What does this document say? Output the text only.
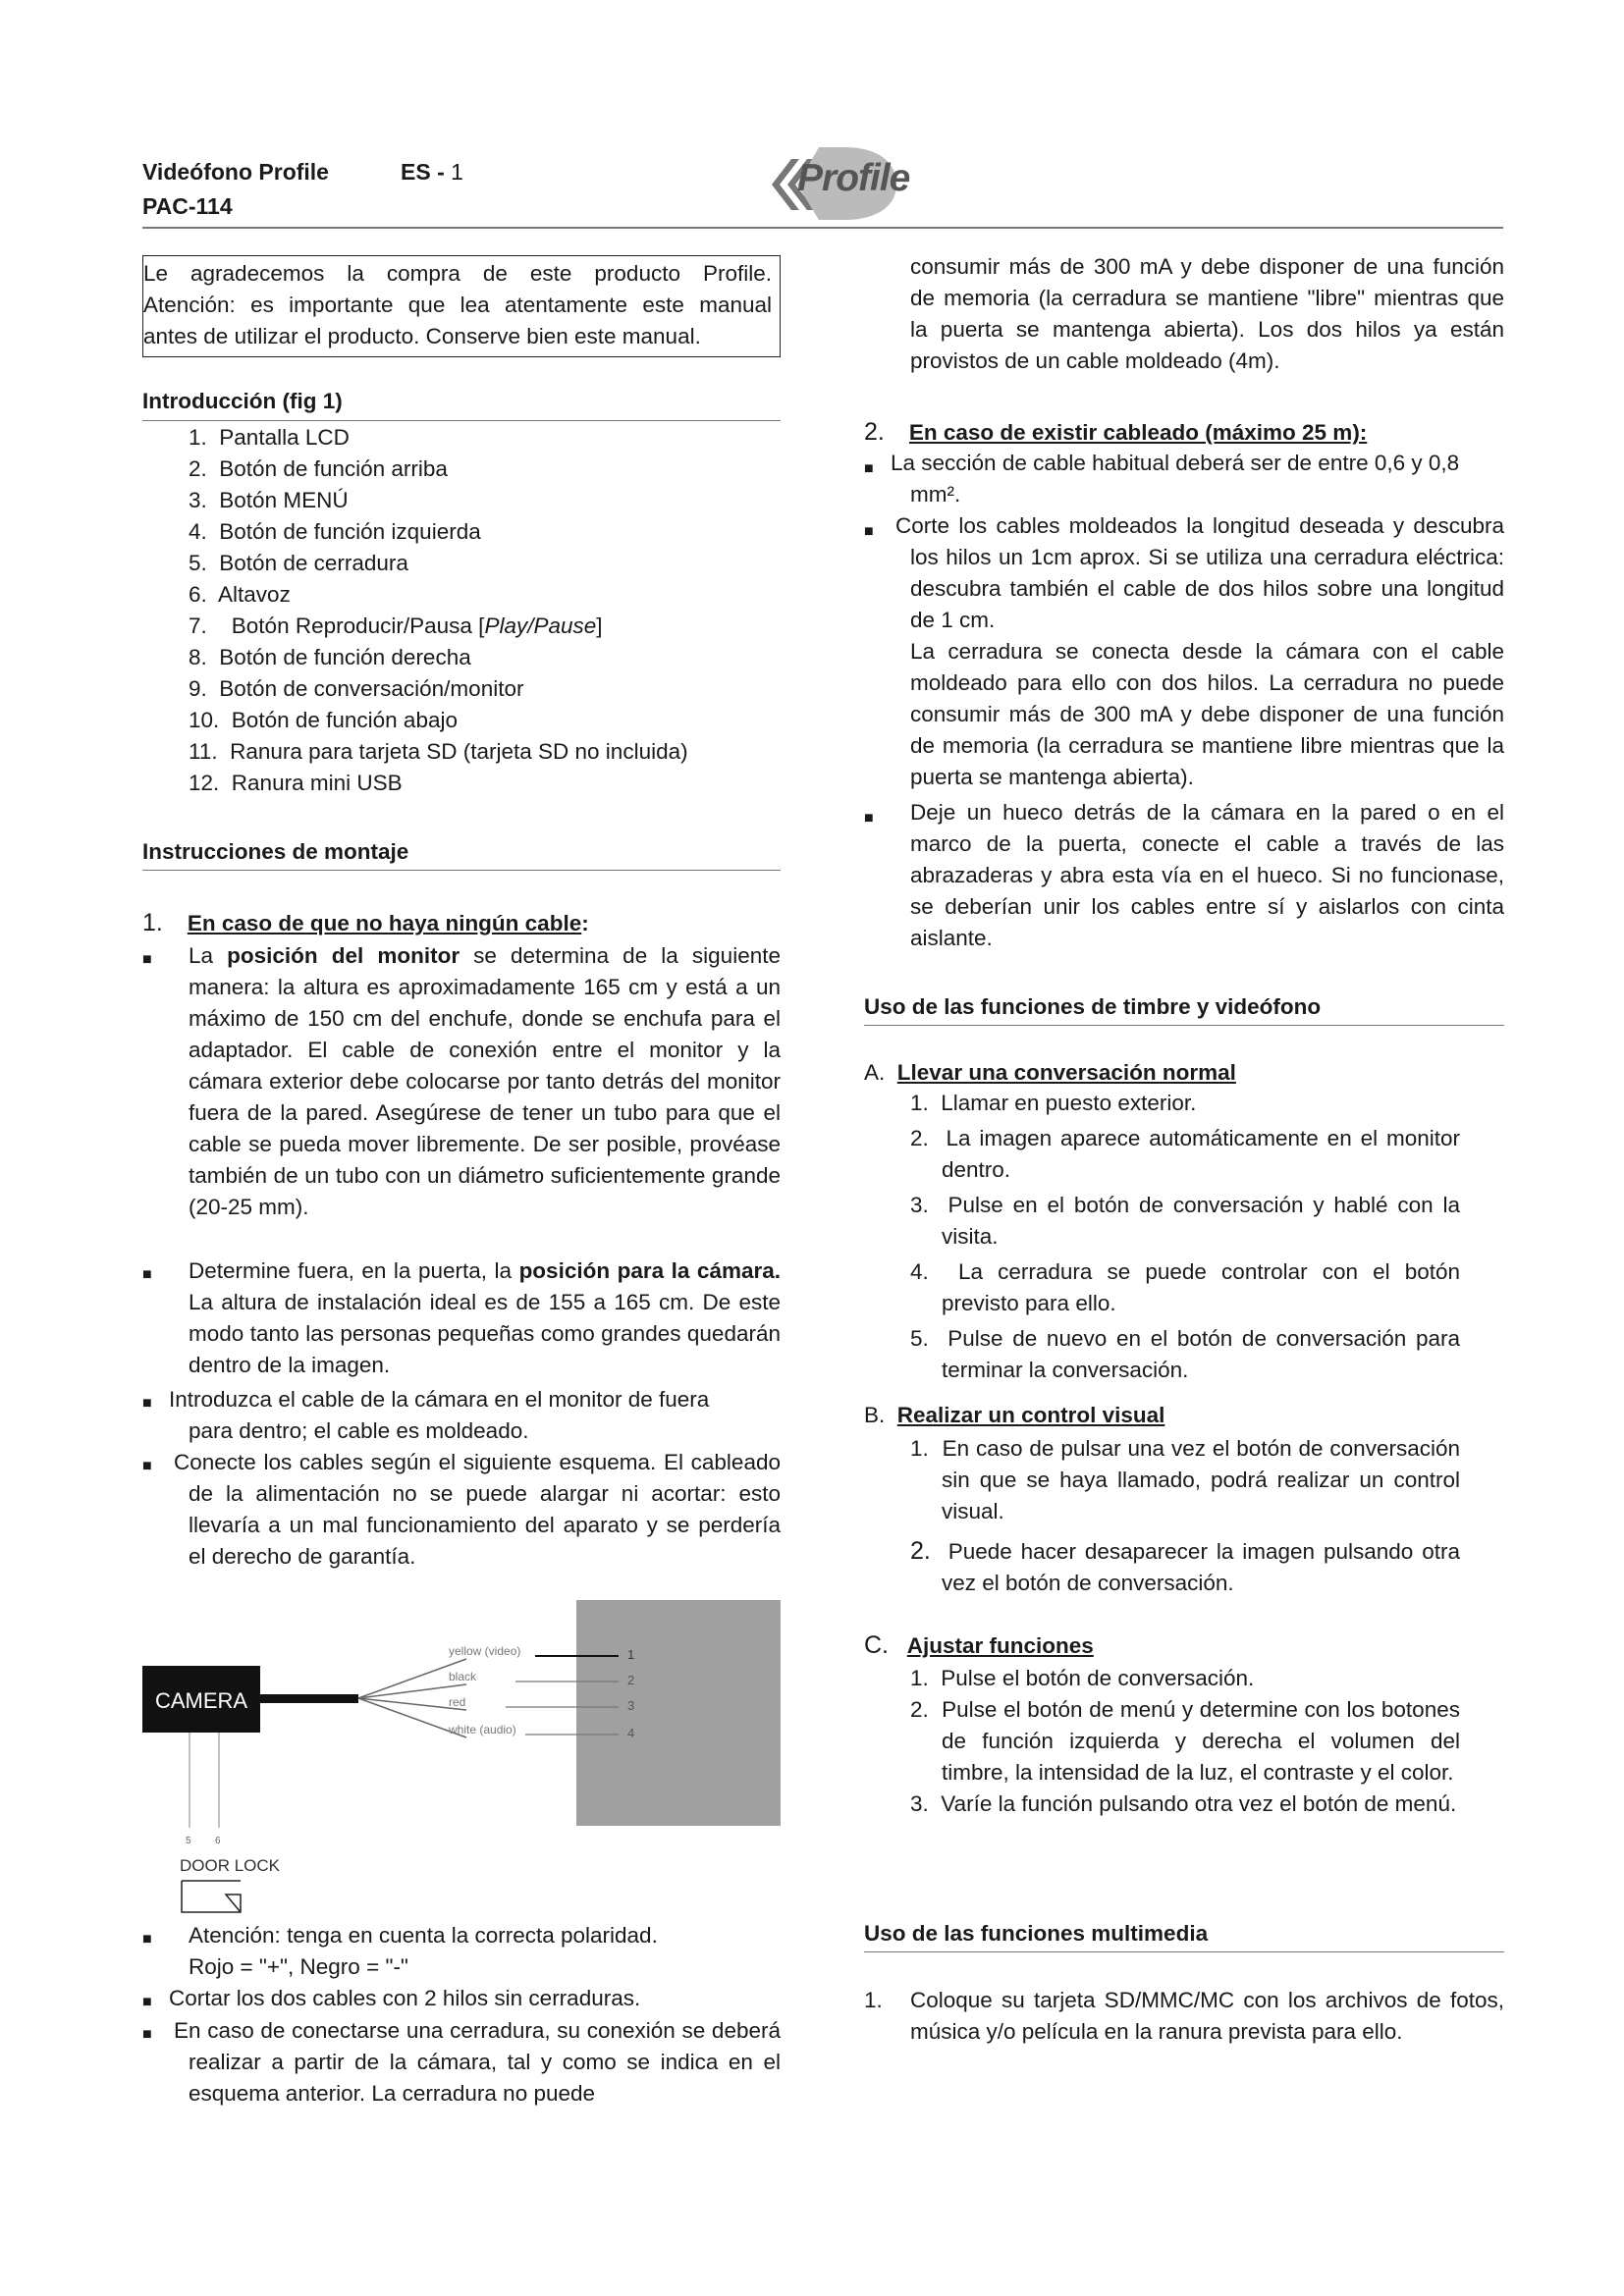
Videófono Profile	ES - 1
PAC-114
Profile

Le agradecemos la compra de este producto Profile.

Atención: es importante que lea atentamente este manual

antes de utilizar el producto. Conserve bien este manual.

Introducción (fig 1)
1. Pantalla LCD
2. Botón de función arriba
3. Botón MENÚ
4. Botón de función izquierda
5. Botón de cerradura
6. Altavoz
7. Botón Reproducir/Pausa [Play/Pause]
8. Botón de función derecha
9. Botón de conversación/monitor
10. Botón de función abajo
11. Ranura para tarjeta SD (tarjeta SD no incluida)
12. Ranura mini USB
Instrucciones de montaje
1. En caso de que no haya ningún cable:
■ La posición del monitor se determina de la siguiente manera: la altura es aproximadamente 165 cm y está a un máximo de 150 cm del enchufe, donde se enchufa para el adaptador. El cable de conexión entre el monitor y la cámara exterior debe colocarse por tanto detrás del monitor fuera de la pared. Asegúrese de tener un tubo para que el cable se pueda mover libremente. De ser posible, provéase también de un tubo con un diámetro suficientemente grande (20-25 mm).
■ Determine fuera, en la puerta, la posición para la cámara. La altura de instalación ideal es de 155 a 165 cm. De este modo tanto las personas pequeñas como grandes quedarán dentro de la imagen.
■ Introduzca el cable de la cámara en el monitor de fuera
para dentro; el cable es moldeado.
■ Conecte los cables según el siguiente esquema. El cableado de la alimentación no se puede alargar ni acortar: esto llevaría a un mal funcionamiento del aparato y se perdería el derecho de garantía.
CAMERA
yellow (video)
black
red
white (audio)
1
2
3
4
5 6
DOOR LOCK
■ Atención: tenga en cuenta la correcta polaridad.
Rojo = "+", Negro = "-"
■ Cortar los dos cables con 2 hilos sin cerraduras.
■ En caso de conectarse una cerradura, su conexión se deberá realizar a partir de la cámara, tal y como se indica en el esquema anterior. La cerradura no puede
consumir más de 300 mA y debe disponer de una función de memoria (la cerradura se mantiene "libre" mientras que la puerta se mantenga abierta). Los dos hilos ya están provistos de un cable moldeado (4m).
2. En caso de existir cableado (máximo 25 m):
■ La sección de cable habitual deberá ser de entre 0,6 y 0,8 mm².
■ Corte los cables moldeados la longitud deseada y descubra los hilos un 1cm aprox. Si se utiliza una cerradura eléctrica: descubra también el cable de dos hilos sobre una longitud de 1 cm.
La cerradura se conecta desde la cámara con el cable moldeado para ello con dos hilos. La cerradura no puede consumir más de 300 mA y debe disponer de una función de memoria (la cerradura se mantiene libre mientras que la puerta se mantenga abierta).
■ Deje un hueco detrás de la cámara en la pared o en el marco de la puerta, conecte el cable a través de las abrazaderas y abra esta vía en el hueco. Si no funcionase, se deberían unir los cables entre sí y aislarlos con cinta aislante.
Uso de las funciones de timbre y videófono
A. Llevar una conversación normal
1. Llamar en puesto exterior.
2. La imagen aparece automáticamente en el monitor dentro.
3. Pulse en el botón de conversación y hablé con la visita.
4. La cerradura se puede controlar con el botón previsto para ello.
5. Pulse de nuevo en el botón de conversación para terminar la conversación.
B. Realizar un control visual
1. En caso de pulsar una vez el botón de conversación sin que se haya llamado, podrá realizar un control visual.
2. Puede hacer desaparecer la imagen pulsando otra vez el botón de conversación.
C. Ajustar funciones
1. Pulse el botón de conversación.
2. Pulse el botón de menú y determine con los botones de función izquierda y derecha el volumen del timbre, la intensidad de la luz, el contraste y el color.
3. Varíe la función pulsando otra vez el botón de menú.
Uso de las funciones multimedia
1. Coloque su tarjeta SD/MMC/MC con los archivos de fotos, música y/o película en la ranura prevista para ello.
